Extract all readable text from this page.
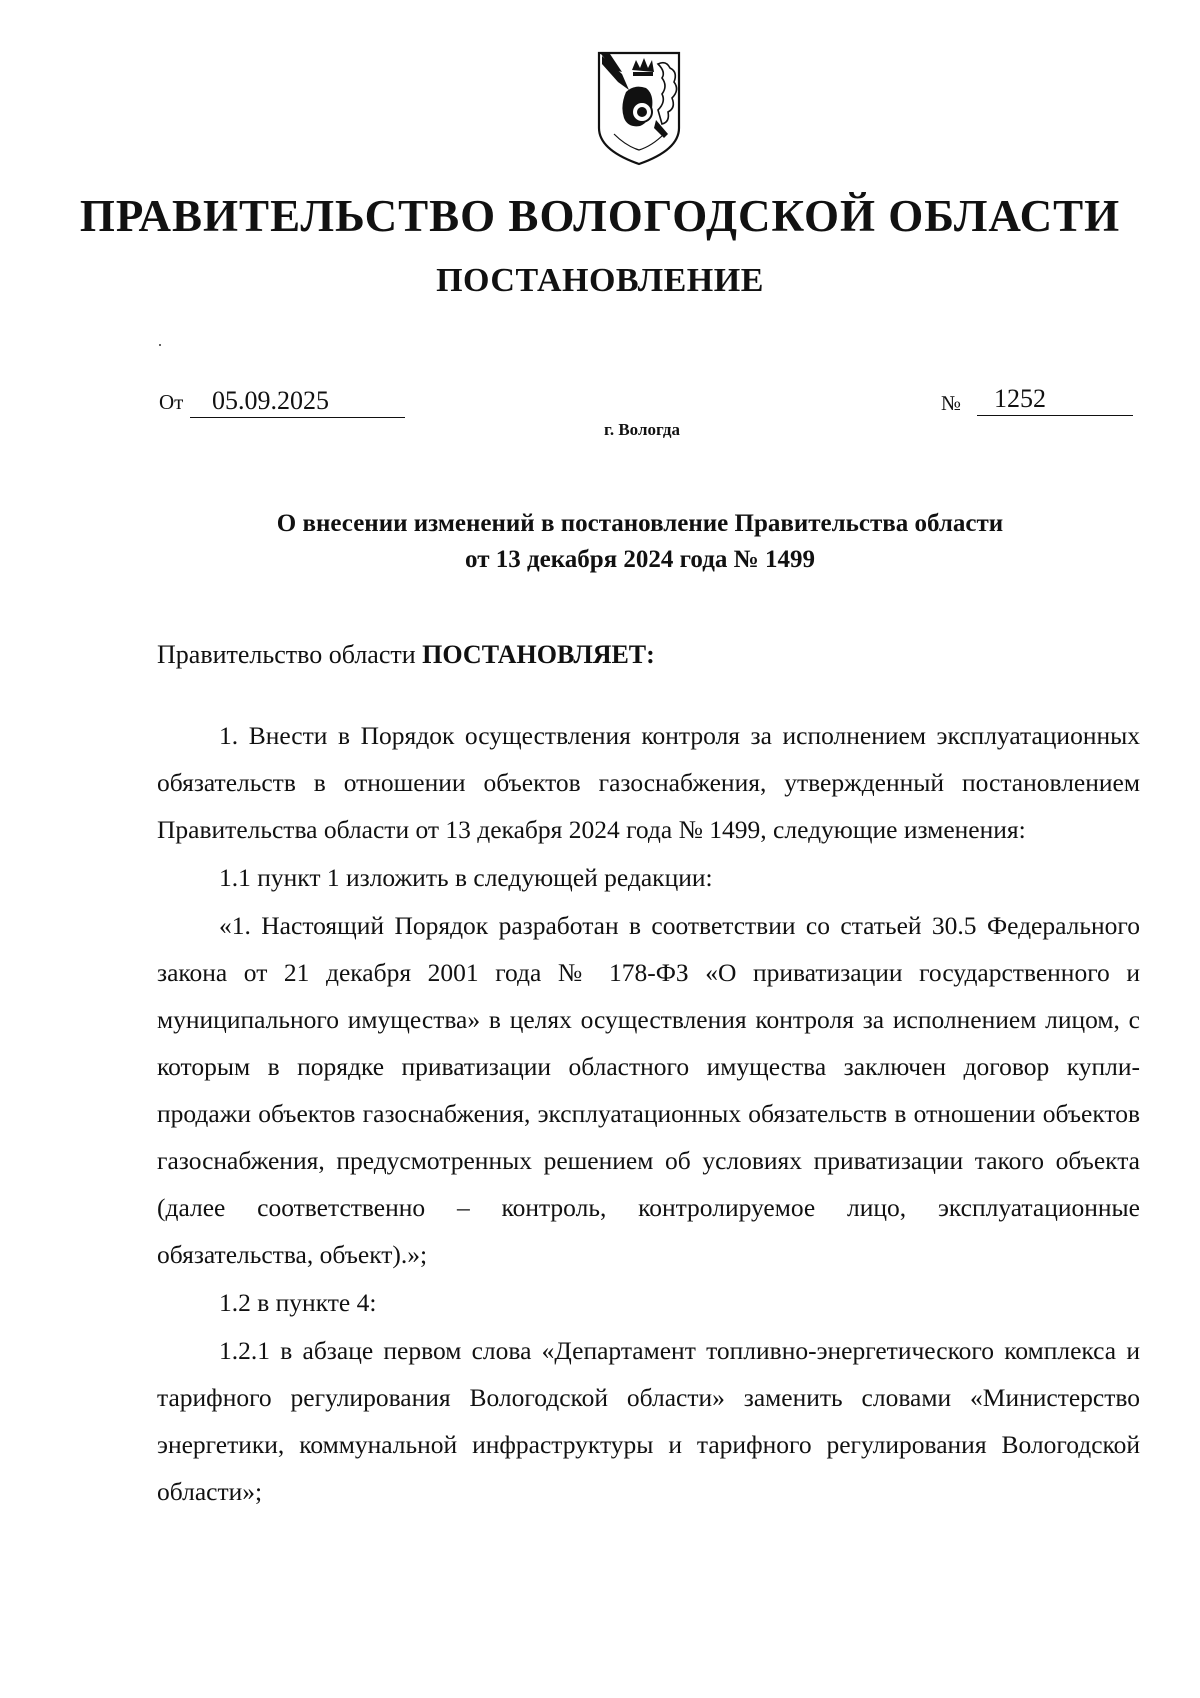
ПРАВИТЕЛЬСТВО ВОЛОГОДСКОЙ ОБЛАСТИ
ПОСТАНОВЛЕНИЕ
От	05.09.2025	№	1252
г. Вологда
О внесении изменений в постановление Правительства области
от 13 декабря 2024 года № 1499
Правительство области ПОСТАНОВЛЯЕТ:

1. Внести в Порядок осуществления контроля за исполнением эксплуатационных обязательств в отношении объектов газоснабжения, утвержденный постановлением Правительства области от 13 декабря 2024 года № 1499, следующие изменения:

1.1 пункт 1 изложить в следующей редакции:

«1. Настоящий Порядок разработан в соответствии со статьей 30.5 Федерального закона от 21 декабря 2001 года № 178-ФЗ «О приватизации государственного и муниципального имущества» в целях осуществления контроля за исполнением лицом, с которым в порядке приватизации областного имущества заключен договор купли-продажи объектов газоснабжения, эксплуатационных обязательств в отношении объектов газоснабжения, предусмотренных решением об условиях приватизации такого объекта (далее соответственно – контроль, контролируемое лицо, эксплуатационные обязательства, объект).»;

1.2 в пункте 4:

1.2.1 в абзаце первом слова «Департамент топливно-энергетического комплекса и тарифного регулирования Вологодской области» заменить словами «Министерство энергетики, коммунальной инфраструктуры и тарифного регулирования Вологодской области»;
